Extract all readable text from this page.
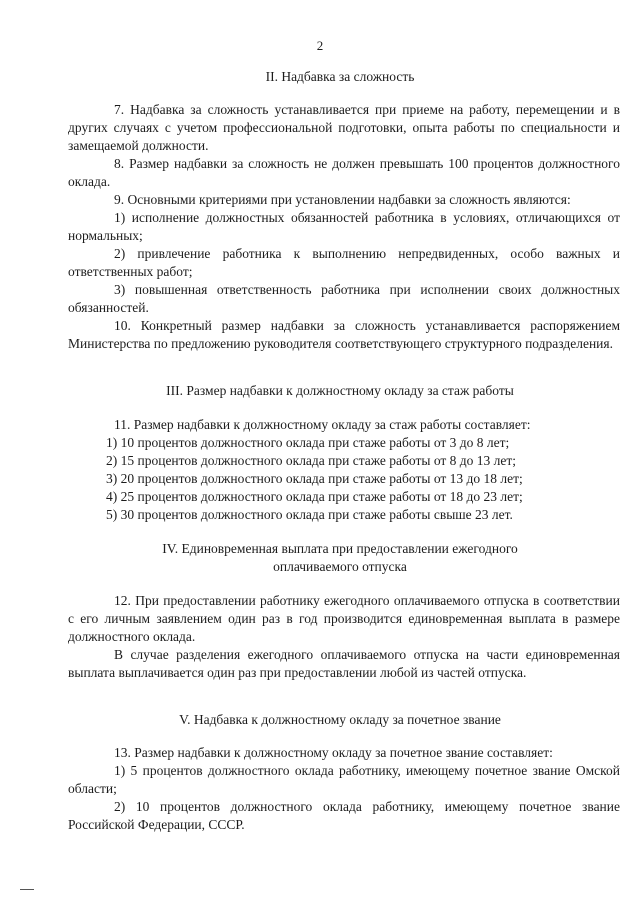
2
II. Надбавка за сложность
7. Надбавка за сложность устанавливается при приеме на работу, перемещении и в других случаях с учетом профессиональной подготовки, опыта работы по специальности и замещаемой должности.
8. Размер надбавки за сложность не должен превышать 100 процентов должностного оклада.
9. Основными критериями при установлении надбавки за сложность являются:
1) исполнение должностных обязанностей работника в условиях, отличающихся от нормальных;
2) привлечение работника к выполнению непредвиденных, особо важных и ответственных работ;
3) повышенная ответственность работника при исполнении своих должностных обязанностей.
10. Конкретный размер надбавки за сложность устанавливается распоряжением Министерства по предложению руководителя соответствующего структурного подразделения.
III. Размер надбавки к должностному окладу за стаж работы
11. Размер надбавки к должностному окладу за стаж работы составляет:
1) 10 процентов должностного оклада при стаже работы от 3 до 8 лет;
2) 15 процентов должностного оклада при стаже работы от 8 до 13 лет;
3) 20 процентов должностного оклада при стаже работы от 13 до 18 лет;
4) 25 процентов должностного оклада при стаже работы от 18 до 23 лет;
5) 30 процентов должностного оклада при стаже работы свыше 23 лет.
IV. Единовременная выплата при предоставлении ежегодного
оплачиваемого отпуска
12. При предоставлении работнику ежегодного оплачиваемого отпуска в соответствии с его личным заявлением один раз в год производится единовременная выплата в размере должностного оклада.
В случае разделения ежегодного оплачиваемого отпуска на части единовременная выплата выплачивается один раз при предоставлении любой из частей отпуска.
V. Надбавка к должностному окладу за почетное звание
13. Размер надбавки к должностному окладу за почетное звание составляет:
1) 5 процентов должностного оклада работнику, имеющему почетное звание Омской области;
2) 10 процентов должностного оклада работнику, имеющему почетное звание Российской Федерации, СССР.
